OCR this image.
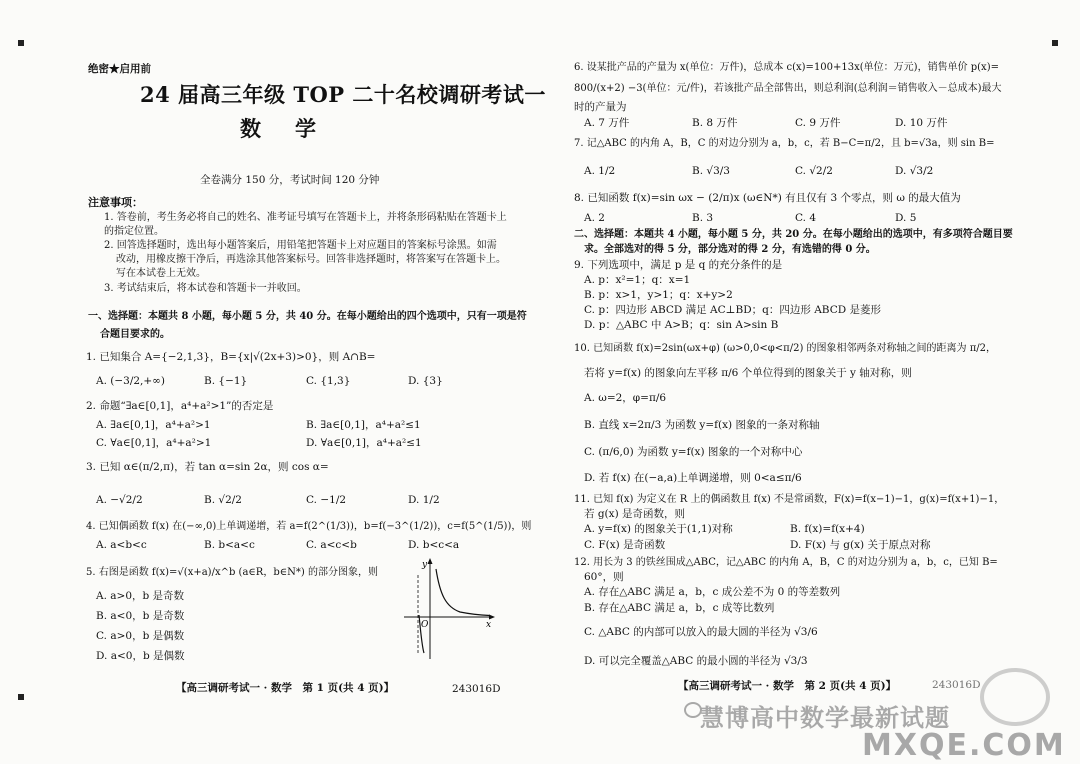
绝密★启用前
24 届高三年级 TOP 二十名校调研考试一
数学
全卷满分 150 分，考试时间 120 分钟
注意事项：
1. 答卷前，考生务必将自己的姓名、准考证号填写在答题卡上，并将条形码粘贴在答题卡上
的指定位置。
2. 回答选择题时，选出每小题答案后，用铅笔把答题卡上对应题目的答案标号涂黑。如需
改动，用橡皮擦干净后，再选涂其他答案标号。回答非选择题时，将答案写在答题卡上。
写在本试卷上无效。
3. 考试结束后，将本试卷和答题卡一并收回。
一、选择题：本题共 8 小题，每小题 5 分，共 40 分。在每小题给出的四个选项中，只有一项是符
合题目要求的。
1. 已知集合 A={−2,1,3}，B={x|√(2x+3)>0}，则 A∩B=
A. (−3/2,+∞)	B. {−1}	C. {1,3}	D. {3}
2. 命题“∃a∈[0,1]，a⁴+a²>1”的否定是
A. ∃a∈[0,1]，a⁴+a²>1	B. ∃a∈[0,1]，a⁴+a²≤1
C. ∀a∈[0,1]，a⁴+a²>1	D. ∀a∈[0,1]，a⁴+a²≤1
3. 已知 α∈(π/2,π)，若 tan α=sin 2α，则 cos α=
A. −√2/2	B. √2/2	C. −1/2	D. 1/2
4. 已知偶函数 f(x) 在(−∞,0)上单调递增，若 a=f(2^(1/3))，b=f(−3^(1/2))，c=f(5^(1/5))，则
A. a<b<c	B. b<a<c	C. a<c<b	D. b<c<a
5. 右图是函数 f(x)=√(x+a)/x^b (a∈R，b∈N*) 的部分图象，则
A. a>0，b 是奇数
B. a<0，b 是奇数
C. a>0，b 是偶数
D. a<0，b 是偶数
y
x
O
【高三调研考试一 · 数学　第 1 页(共 4 页)】	243016D
6. 设某批产品的产量为 x(单位：万件)，总成本 c(x)=100+13x(单位：万元)，销售单价 p(x)=
800/(x+2) −3(单位：元/件)，若该批产品全部售出，则总利润(总利润＝销售收入－总成本)最大
时的产量为
A. 7 万件	B. 8 万件	C. 9 万件	D. 10 万件
7. 记△ABC 的内角 A，B，C 的对边分别为 a，b，c，若 B−C=π/2，且 b=√3a，则 sin B=
A. 1/2	B. √3/3	C. √2/2	D. √3/2
8. 已知函数 f(x)=sin ωx − (2/π)x (ω∈N*) 有且仅有 3 个零点，则 ω 的最大值为
A. 2	B. 3	C. 4	D. 5
二、选择题：本题共 4 小题，每小题 5 分，共 20 分。在每小题给出的选项中，有多项符合题目要
求。全部选对的得 5 分，部分选对的得 2 分，有选错的得 0 分。
9. 下列选项中，满足 p 是 q 的充分条件的是
A. p：x²=1；q：x=1
B. p：x>1，y>1；q：x+y>2
C. p：四边形 ABCD 满足 AC⊥BD；q：四边形 ABCD 是菱形
D. p：△ABC 中 A>B；q：sin A>sin B
10. 已知函数 f(x)=2sin(ωx+φ) (ω>0,0<φ<π/2) 的图象相邻两条对称轴之间的距离为 π/2，
若将 y=f(x) 的图象向左平移 π/6 个单位得到的图象关于 y 轴对称，则
A. ω=2，φ=π/6
B. 直线 x=2π/3 为函数 y=f(x) 图象的一条对称轴
C. (π/6,0) 为函数 y=f(x) 图象的一个对称中心
D. 若 f(x) 在(−a,a)上单调递增，则 0<a≤π/6
11. 已知 f(x) 为定义在 R 上的偶函数且 f(x) 不是常函数，F(x)=f(x−1)−1，g(x)=f(x+1)−1，
若 g(x) 是奇函数，则
A. y=f(x) 的图象关于(1,1)对称	B. f(x)=f(x+4)
C. F(x) 是奇函数	D. F(x) 与 g(x) 关于原点对称
12. 用长为 3 的铁丝围成△ABC，记△ABC 的内角 A，B，C 的对边分别为 a，b，c，已知 B=
60°，则
A. 存在△ABC 满足 a，b，c 成公差不为 0 的等差数列
B. 存在△ABC 满足 a，b，c 成等比数列
C. △ABC 的内部可以放入的最大圆的半径为 √3/6
D. 可以完全覆盖△ABC 的最小圆的半径为 √3/3
【高三调研考试一 · 数学　第 2 页(共 4 页)】	243016D
慧博高中数学最新试题
MXQE.COM
